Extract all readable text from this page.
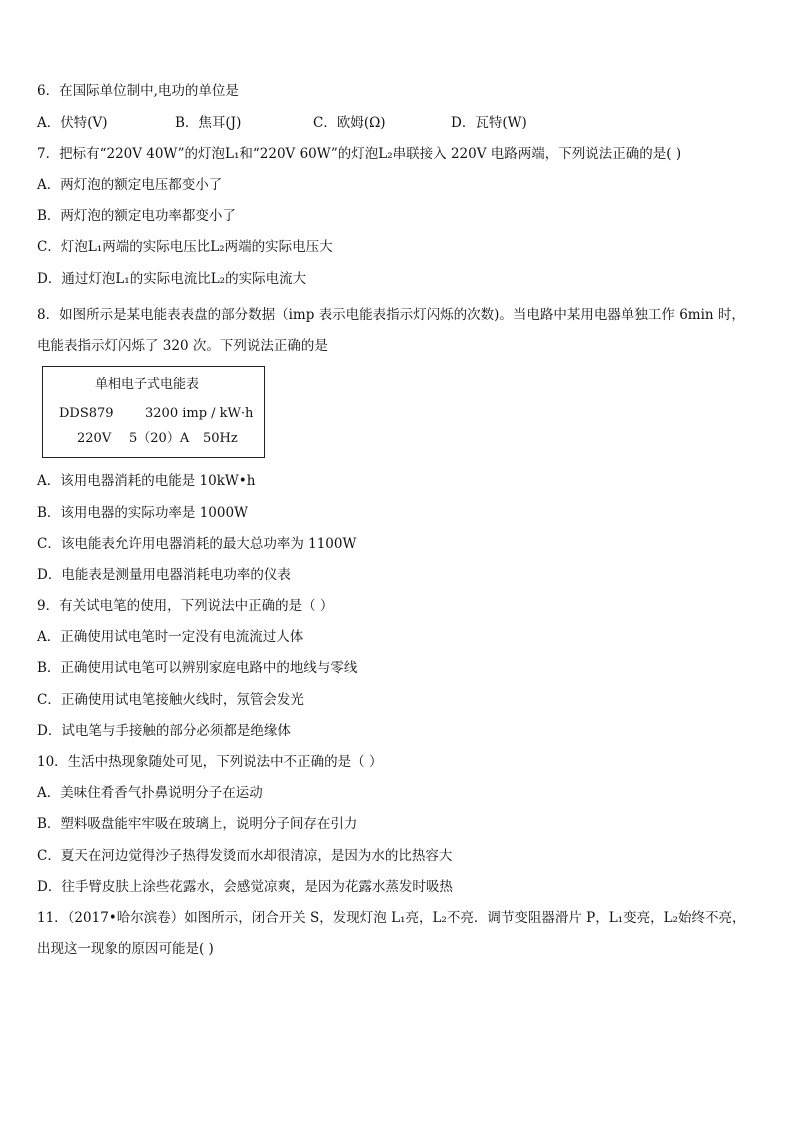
6．在国际单位制中,电功的单位是
A．伏特(V)	B．焦耳(J)	C．欧姆(Ω)	D．瓦特(W)
7．把标有“220V 40W”的灯泡L₁和“220V 60W”的灯泡L₂串联接入 220V 电路两端，下列说法正确的是( )
A．两灯泡的额定电压都变小了
B．两灯泡的额定电功率都变小了
C．灯泡L₁两端的实际电压比L₂两端的实际电压大
D．通过灯泡L₁的实际电流比L₂的实际电流大
8．如图所示是某电能表表盘的部分数据（imp 表示电能表指示灯闪烁的次数)。当电路中某用电器单独工作 6min 时，
电能表指示灯闪烁了 320 次。下列说法正确的是
单相电子式电能表
DDS879 3200 imp / kW·h
220V 5（20）A 50Hz
A．该用电器消耗的电能是 10kW•h
B．该用电器的实际功率是 1000W
C．该电能表允许用电器消耗的最大总功率为 1100W
D．电能表是测量用电器消耗电功率的仪表
9．有关试电笔的使用，下列说法中正确的是（ ）
A．正确使用试电笔时一定没有电流流过人体
B．正确使用试电笔可以辨别家庭电路中的地线与零线
C．正确使用试电笔接触火线时，氖管会发光
D．试电笔与手接触的部分必须都是绝缘体
10．生活中热现象随处可见，下列说法中不正确的是（ ）
A．美味住肴香气扑鼻说明分子在运动
B．塑料吸盘能牢牢吸在玻璃上，说明分子间存在引力
C．夏天在河边觉得沙子热得发烫而水却很清凉，是因为水的比热容大
D．往手臂皮肤上涂些花露水，会感觉凉爽，是因为花露水蒸发时吸热
11．（2017•哈尔滨卷）如图所示，闭合开关 S，发现灯泡 L₁亮，L₂不亮．调节变阻器滑片 P，L₁变亮，L₂始终不亮，
出现这一现象的原因可能是( )
